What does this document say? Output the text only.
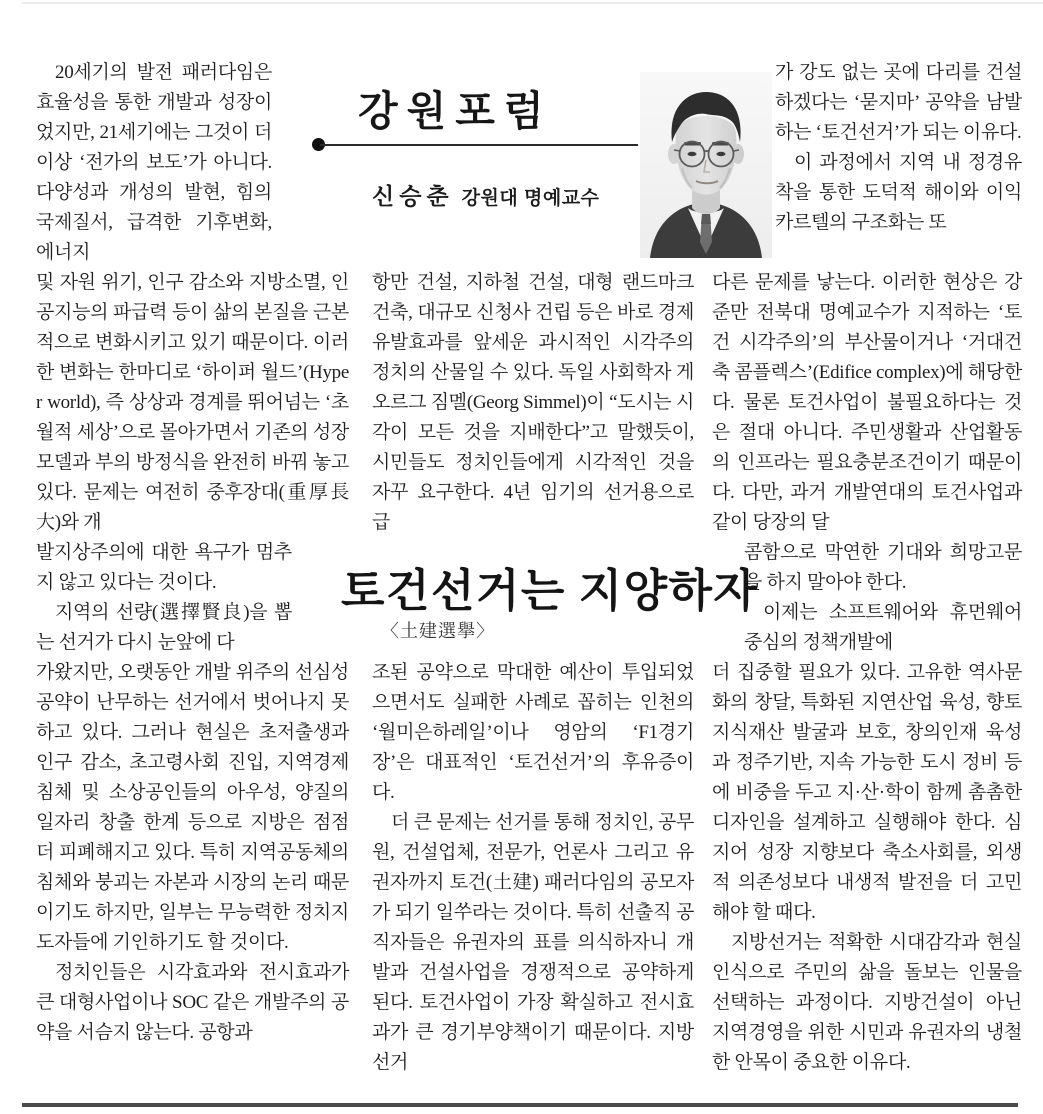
20세기의 발전 패러다임은 효율성을 통한 개발과 성장이었지만, 21세기에는 그것이 더 이상 ‘전가의 보도’가 아니다. 다양성과 개성의 발현, 힘의 국제질서, 급격한 기후변화, 에너지

및 자원 위기, 인구 감소와 지방소멸, 인공지능의 파급력 등이 삶의 본질을 근본적으로 변화시키고 있기 때문이다. 이러한 변화는 한마디로 ‘하이퍼 월드’(Hyper world), 즉 상상과 경계를 뛰어넘는 ‘초월적 세상’으로 몰아가면서 기존의 성장모델과 부의 방정식을 완전히 바꿔 놓고 있다. 문제는 여전히 중후장대(重厚長大)와 개

발지상주의에 대한 욕구가 멈추지 않고 있다는 것이다.

지역의 선량(選擇賢良)을 뽑는 선거가 다시 눈앞에 다

가왔지만, 오랫동안 개발 위주의 선심성 공약이 난무하는 선거에서 벗어나지 못하고 있다. 그러나 현실은 초저출생과 인구 감소, 초고령사회 진입, 지역경제 침체 및 소상공인들의 아우성, 양질의 일자리 창출 한계 등으로 지방은 점점 더 피폐해지고 있다. 특히 지역공동체의 침체와 붕괴는 자본과 시장의 논리 때문이기도 하지만, 일부는 무능력한 정치지도자들에 기인하기도 할 것이다.

정치인들은 시각효과와 전시효과가 큰 대형사업이나 SOC 같은 개발주의 공약을 서슴지 않는다. 공항과

강원포럼
신승춘 강원대 명예교수

가 강도 없는 곳에 다리를 건설하겠다는 ‘묻지마’ 공약을 남발하는 ‘토건선거’가 되는 이유다.

이 과정에서 지역 내 정경유착을 통한 도덕적 해이와 이익 카르텔의 구조화는 또

다른 문제를 낳는다. 이러한 현상은 강준만 전북대 명예교수가 지적하는 ‘토건 시각주의’의 부산물이거나 ‘거대건축 콤플렉스’(Edifice complex)에 해당한다. 물론 토건사업이 불필요하다는 것은 절대 아니다. 주민생활과 산업활동의 인프라는 필요충분조건이기 때문이다. 다만, 과거 개발연대의 토건사업과 같이 당장의 달

콤함으로 막연한 기대와 희망고문을 하지 말아야 한다.

이제는 소프트웨어와 휴먼웨어 중심의 정책개발에

더 집중할 필요가 있다. 고유한 역사문화의 창달, 특화된 지연산업 육성, 향토지식재산 발굴과 보호, 창의인재 육성과 정주기반, 지속 가능한 도시 정비 등에 비중을 두고 지·산·학이 함께 촘촘한 디자인을 설계하고 실행해야 한다. 심지어 성장 지향보다 축소사회를, 외생적 의존성보다 내생적 발전을 더 고민해야 할 때다.

지방선거는 적확한 시대감각과 현실 인식으로 주민의 삶을 돌보는 인물을 선택하는 과정이다. 지방건설이 아닌 지역경영을 위한 시민과 유권자의 냉철한 안목이 중요한 이유다.

항만 건설, 지하철 건설, 대형 랜드마크 건축, 대규모 신청사 건립 등은 바로 경제유발효과를 앞세운 과시적인 시각주의 정치의 산물일 수 있다. 독일 사회학자 게오르그 짐멜(Georg Simmel)이 “도시는 시각이 모든 것을 지배한다”고 말했듯이, 시민들도 정치인들에게 시각적인 것을 자꾸 요구한다. 4년 임기의 선거용으로 급

토건선거는 지양하자
〈土建選擧〉

조된 공약으로 막대한 예산이 투입되었으면서도 실패한 사례로 꼽히는 인천의 ‘월미은하레일’이나 영암의 ‘F1경기장’은 대표적인 ‘토건선거’의 후유증이다.

더 큰 문제는 선거를 통해 정치인, 공무원, 건설업체, 전문가, 언론사 그리고 유권자까지 토건(土建) 패러다임의 공모자가 되기 일쑤라는 것이다. 특히 선출직 공직자들은 유권자의 표를 의식하자니 개발과 건설사업을 경쟁적으로 공약하게 된다. 토건사업이 가장 확실하고 전시효과가 큰 경기부양책이기 때문이다. 지방선거
